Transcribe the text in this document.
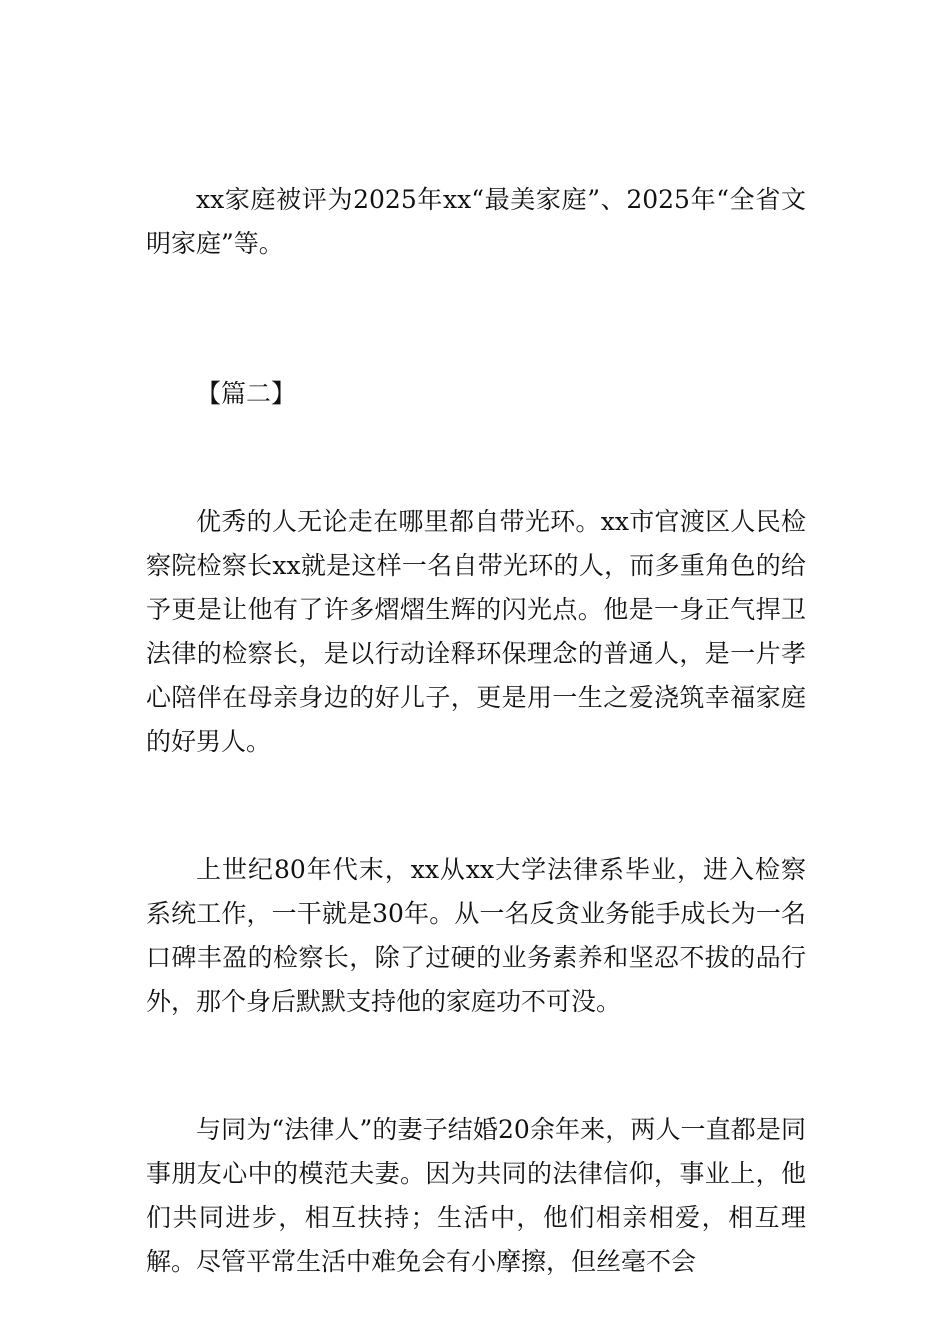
xx家庭被评为2025年xx“最美家庭”、2025年“全省文明家庭”等。

【篇二】

优秀的人无论走在哪里都自带光环。xx市官渡区人民检察院检察长xx就是这样一名自带光环的人，而多重角色的给予更是让他有了许多熠熠生辉的闪光点。他是一身正气捍卫法律的检察长，是以行动诠释环保理念的普通人，是一片孝心陪伴在母亲身边的好儿子，更是用一生之爱浇筑幸福家庭的好男人。

上世纪80年代末，xx从xx大学法律系毕业，进入检察系统工作，一干就是30年。从一名反贪业务能手成长为一名口碑丰盈的检察长，除了过硬的业务素养和坚忍不拔的品行外，那个身后默默支持他的家庭功不可没。

与同为“法律人”的妻子结婚20余年来，两人一直都是同事朋友心中的模范夫妻。因为共同的法律信仰，事业上，他们共同进步，相互扶持；生活中，他们相亲相爱，相互理解。尽管平常生活中难免会有小摩擦，但丝毫不会
